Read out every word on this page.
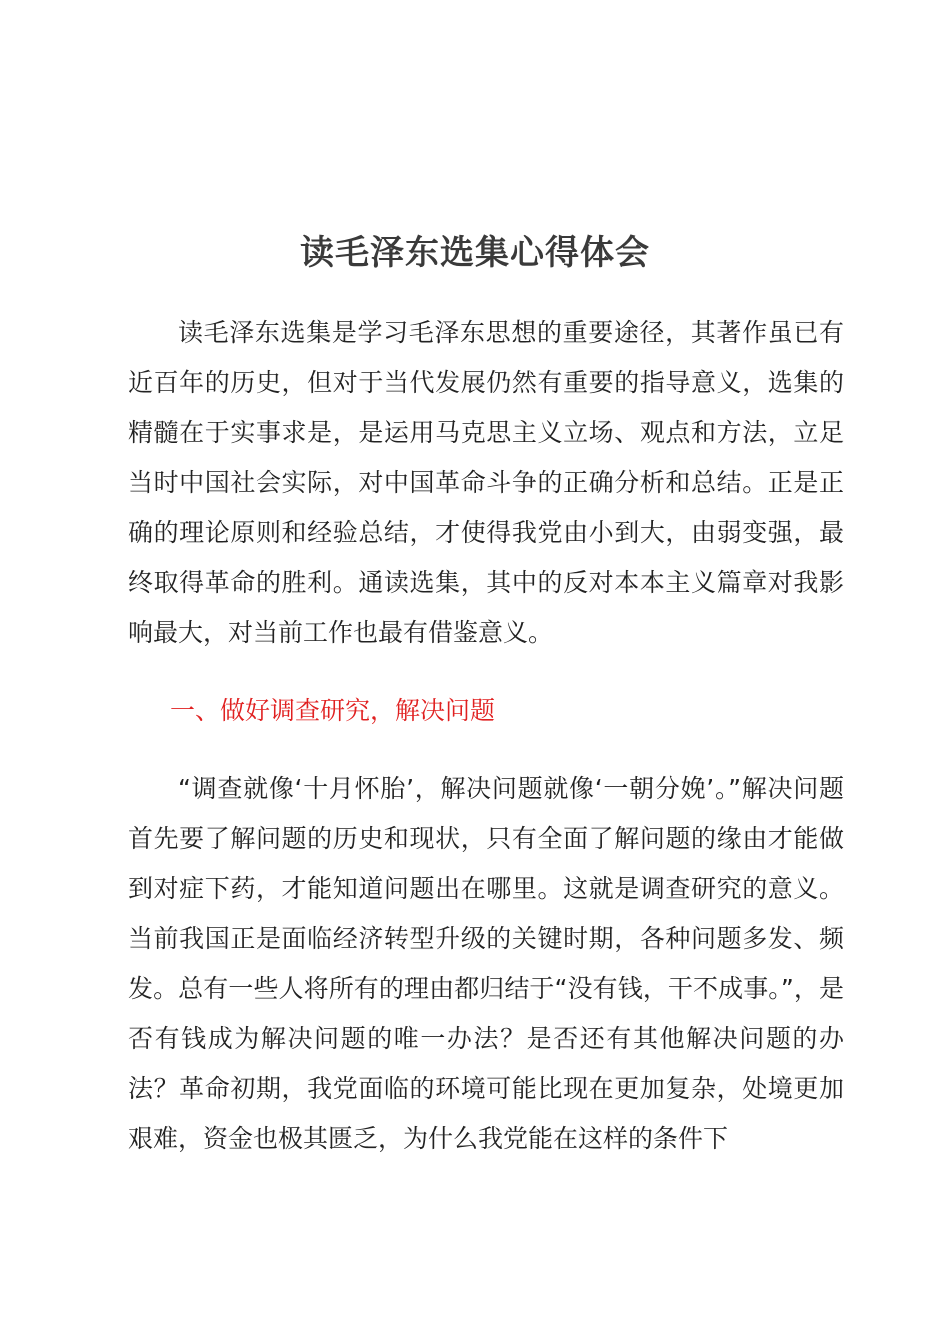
读毛泽东选集心得体会

读毛泽东选集是学习毛泽东思想的重要途径，其著作虽已有近百年的历史，但对于当代发展仍然有重要的指导意义，选集的精髓在于实事求是，是运用马克思主义立场、观点和方法，立足当时中国社会实际，对中国革命斗争的正确分析和总结。正是正确的理论原则和经验总结，才使得我党由小到大，由弱变强，最终取得革命的胜利。通读选集，其中的反对本本主义篇章对我影响最大，对当前工作也最有借鉴意义。

一、做好调查研究，解决问题

“调查就像‘十月怀胎’，解决问题就像‘一朝分娩’。”解决问题首先要了解问题的历史和现状，只有全面了解问题的缘由才能做到对症下药，才能知道问题出在哪里。这就是调查研究的意义。当前我国正是面临经济转型升级的关键时期，各种问题多发、频发。总有一些人将所有的理由都归结于“没有钱，干不成事。”，是否有钱成为解决问题的唯一办法？是否还有其他解决问题的办法？革命初期，我党面临的环境可能比现在更加复杂，处境更加艰难，资金也极其匮乏，为什么我党能在这样的条件下
